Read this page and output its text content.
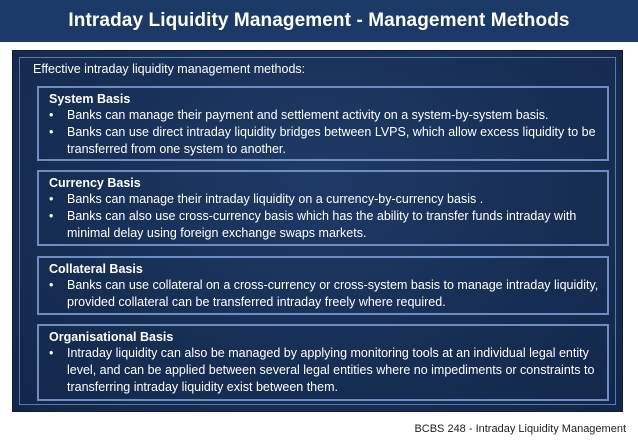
Intraday Liquidity Management - Management Methods
Effective intraday liquidity management methods:
System Basis
• Banks can manage their payment and settlement activity on a system-by-system basis.
• Banks can use direct intraday liquidity bridges between LVPS, which allow excess liquidity to be transferred from one system to another.
Currency Basis
• Banks can manage their intraday liquidity on a currency-by-currency basis .
• Banks can also use cross-currency basis which has the ability to transfer funds intraday with minimal delay using foreign exchange swaps markets.
Collateral Basis
• Banks can use collateral on a cross-currency or cross-system basis to manage intraday liquidity, provided collateral can be transferred intraday freely where required.
Organisational Basis
• Intraday liquidity can also be managed by applying monitoring tools at an individual legal entity level, and can be applied between several legal entities where no impediments or constraints to transferring intraday liquidity exist between them.
BCBS 248 - Intraday Liquidity Management
